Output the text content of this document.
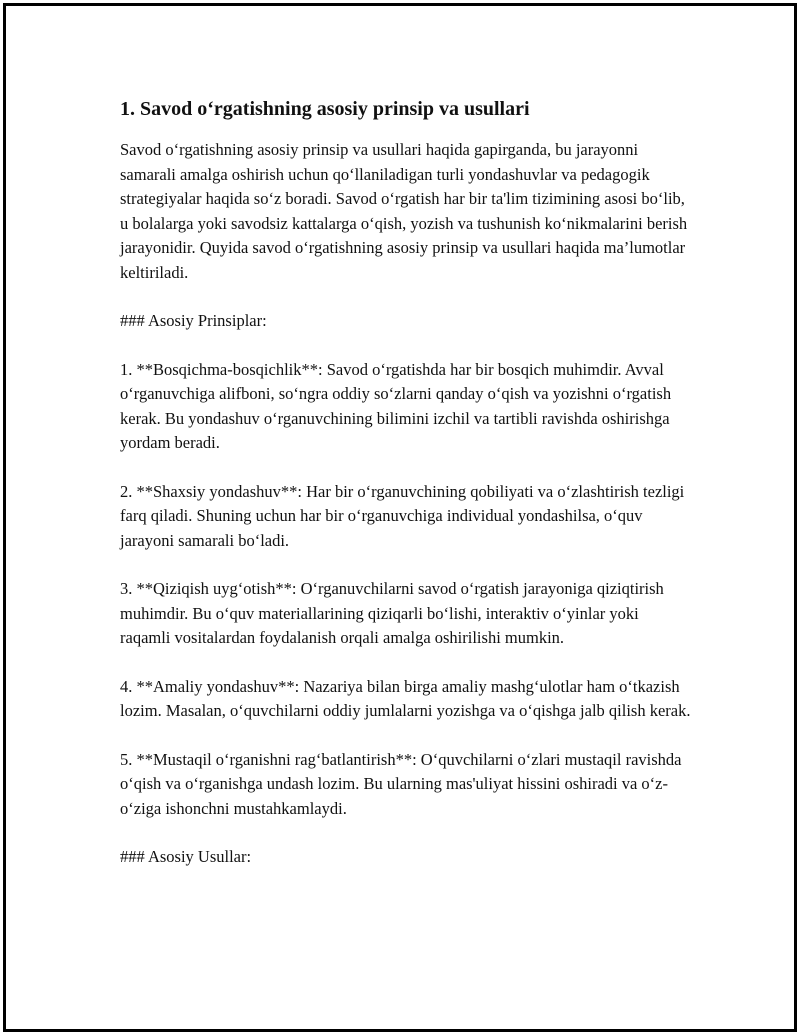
1. Savod o‘rgatishning asosiy prinsip va usullari

Savod o‘rgatishning asosiy prinsip va usullari haqida gapirganda, bu jarayonni samarali amalga oshirish uchun qo‘llaniladigan turli yondashuvlar va pedagogik strategiyalar haqida so‘z boradi. Savod o‘rgatish har bir ta'lim tizimining asosi bo‘lib, u bolalarga yoki savodsiz kattalarga o‘qish, yozish va tushunish ko‘nikmalarini berish jarayonidir. Quyida savod o‘rgatishning asosiy prinsip va usullari haqida ma’lumotlar keltiriladi.

### Asosiy Prinsiplar:

1. **Bosqichma-bosqichlik**: Savod o‘rgatishda har bir bosqich muhimdir. Avval o‘rganuvchiga alifboni, so‘ngra oddiy so‘zlarni qanday o‘qish va yozishni o‘rgatish kerak. Bu yondashuv o‘rganuvchining bilimini izchil va tartibli ravishda oshirishga yordam beradi.

2. **Shaxsiy yondashuv**: Har bir o‘rganuvchining qobiliyati va o‘zlashtirish tezligi farq qiladi. Shuning uchun har bir o‘rganuvchiga individual yondashilsa, o‘quv jarayoni samarali bo‘ladi.

3. **Qiziqish uyg‘otish**: O‘rganuvchilarni savod o‘rgatish jarayoniga qiziqtirish muhimdir. Bu o‘quv materiallarining qiziqarli bo‘lishi, interaktiv o‘yinlar yoki raqamli vositalardan foydalanish orqali amalga oshirilishi mumkin.

4. **Amaliy yondashuv**: Nazariya bilan birga amaliy mashg‘ulotlar ham o‘tkazish lozim. Masalan, o‘quvchilarni oddiy jumlalarni yozishga va o‘qishga jalb qilish kerak.

5. **Mustaqil o‘rganishni rag‘batlantirish**: O‘quvchilarni o‘zlari mustaqil ravishda o‘qish va o‘rganishga undash lozim. Bu ularning mas'uliyat hissini oshiradi va o‘z-o‘ziga ishonchni mustahkamlaydi.

### Asosiy Usullar:
